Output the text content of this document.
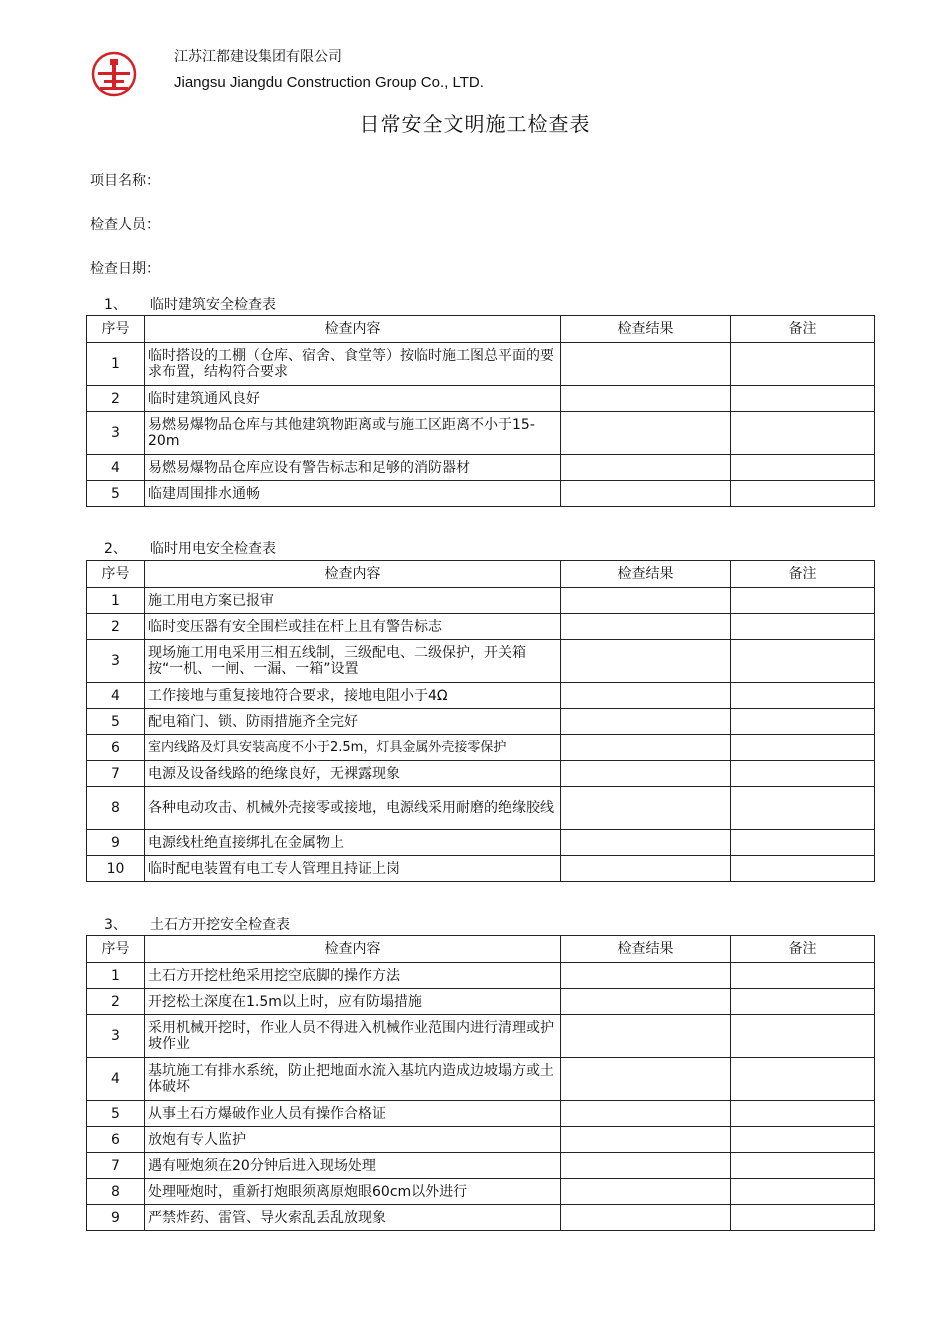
江苏江都建设集团有限公司
Jiangsu Jiangdu Construction Group Co., LTD.
日常安全文明施工检查表
项目名称：
检查人员：
检查日期：
1、 临时建筑安全检查表
序号	检查内容	检查结果	备注
1	临时搭设的工棚（仓库、宿舍、食堂等）按临时施工图总平面的要求布置，结构符合要求		
2	临时建筑通风良好		
3	易燃易爆物品仓库与其他建筑物距离或与施工区距离不小于15-20m		
4	易燃易爆物品仓库应设有警告标志和足够的消防器材		
5	临建周围排水通畅		
2、 临时用电安全检查表
序号	检查内容	检查结果	备注
1	施工用电方案已报审		
2	临时变压器有安全围栏或挂在杆上且有警告标志		
3	现场施工用电采用三相五线制，三级配电、二级保护，开关箱按“一机、一闸、一漏、一箱”设置		
4	工作接地与重复接地符合要求，接地电阻小于4Ω		
5	配电箱门、锁、防雨措施齐全完好		
6	室内线路及灯具安装高度不小于2.5m，灯具金属外壳接零保护		
7	电源及设备线路的绝缘良好，无裸露现象		
8	各种电动攻击、机械外壳接零或接地，电源线采用耐磨的绝缘胶线		
9	电源线杜绝直接绑扎在金属物上		
10	临时配电装置有电工专人管理且持证上岗		
3、 土石方开挖安全检查表
序号	检查内容	检查结果	备注
1	土石方开挖杜绝采用挖空底脚的操作方法		
2	开挖松土深度在1.5m以上时，应有防塌措施		
3	采用机械开挖时，作业人员不得进入机械作业范围内进行清理或护坡作业		
4	基坑施工有排水系统，防止把地面水流入基坑内造成边坡塌方或土体破坏		
5	从事土石方爆破作业人员有操作合格证		
6	放炮有专人监护		
7	遇有哑炮须在20分钟后进入现场处理		
8	处理哑炮时，重新打炮眼须离原炮眼60cm以外进行		
9	严禁炸药、雷管、导火索乱丢乱放现象		
